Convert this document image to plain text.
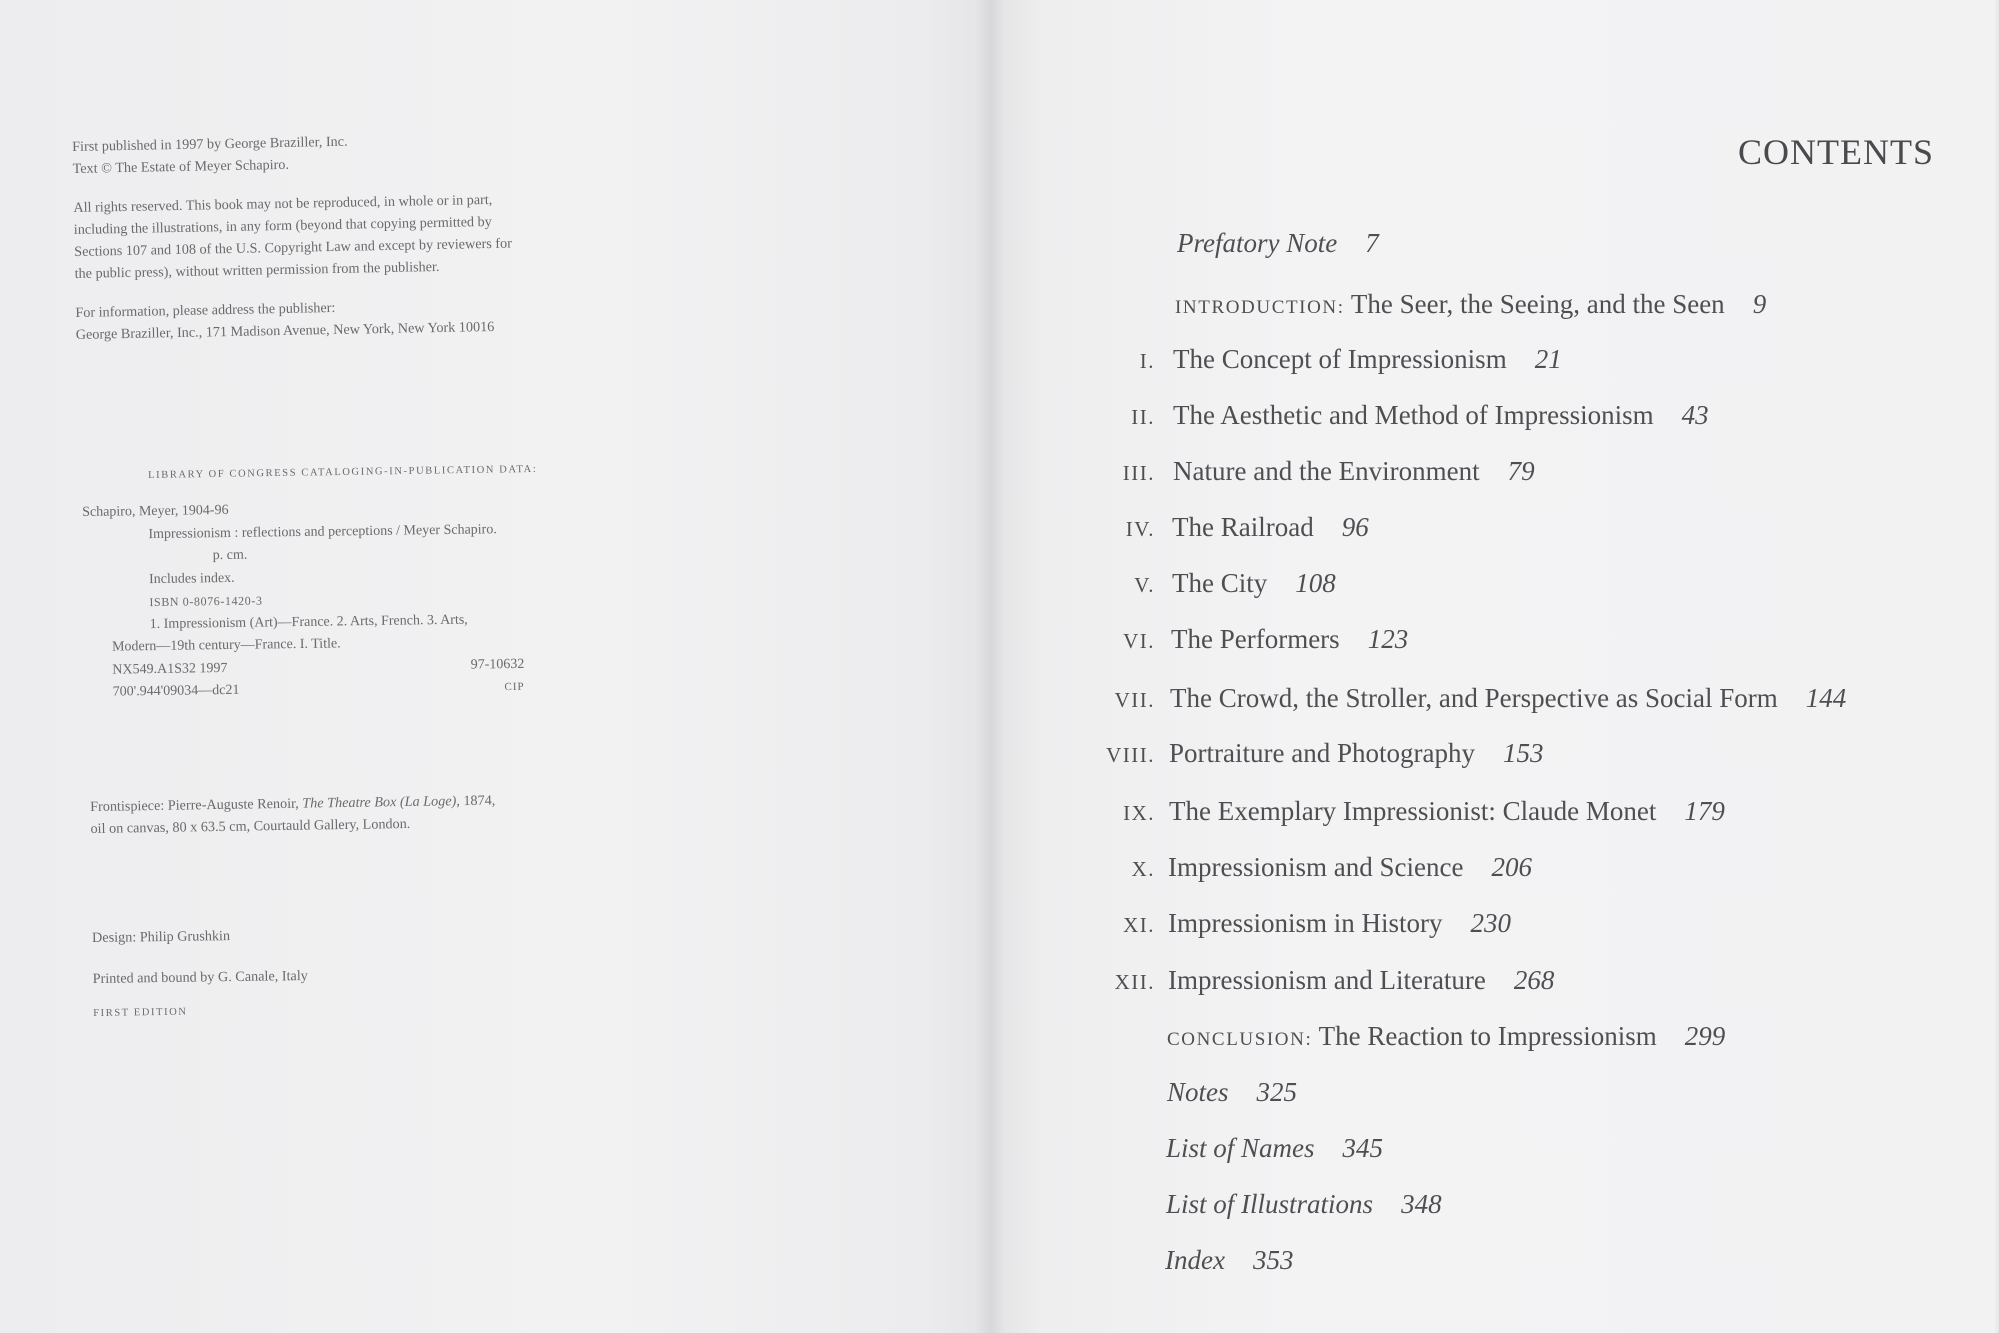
First published in 1997 by George Braziller, Inc.
Text © The Estate of Meyer Schapiro.
All rights reserved. This book may not be reproduced, in whole or in part,
including the illustrations, in any form (beyond that copying permitted by
Sections 107 and 108 of the U.S. Copyright Law and except by reviewers for
the public press), without written permission from the publisher.
For information, please address the publisher:
George Braziller, Inc., 171 Madison Avenue, New York, New York 10016
LIBRARY OF CONGRESS CATALOGING-IN-PUBLICATION DATA:
Schapiro, Meyer, 1904-96
Impressionism : reflections and perceptions / Meyer Schapiro.
p. cm.
Includes index.
ISBN 0-8076-1420-3
1. Impressionism (Art)—France. 2. Arts, French. 3. Arts,
Modern—19th century—France. I. Title.
NX549.A1S32 1997	97-10632
700'.944'09034—dc21	CIP
Frontispiece: Pierre-Auguste Renoir, The Theatre Box (La Loge), 1874,
oil on canvas, 80 x 63.5 cm, Courtauld Gallery, London.
Design: Philip Grushkin
Printed and bound by G. Canale, Italy
FIRST EDITION
CONTENTS
Prefatory Note 7
INTRODUCTION: The Seer, the Seeing, and the Seen 9
I. The Concept of Impressionism 21
II. The Aesthetic and Method of Impressionism 43
III. Nature and the Environment 79
IV. The Railroad 96
V. The City 108
VI. The Performers 123
VII. The Crowd, the Stroller, and Perspective as Social Form 144
VIII. Portraiture and Photography 153
IX. The Exemplary Impressionist: Claude Monet 179
X. Impressionism and Science 206
XI. Impressionism in History 230
XII. Impressionism and Literature 268
CONCLUSION: The Reaction to Impressionism 299
Notes 325
List of Names 345
List of Illustrations 348
Index 353
